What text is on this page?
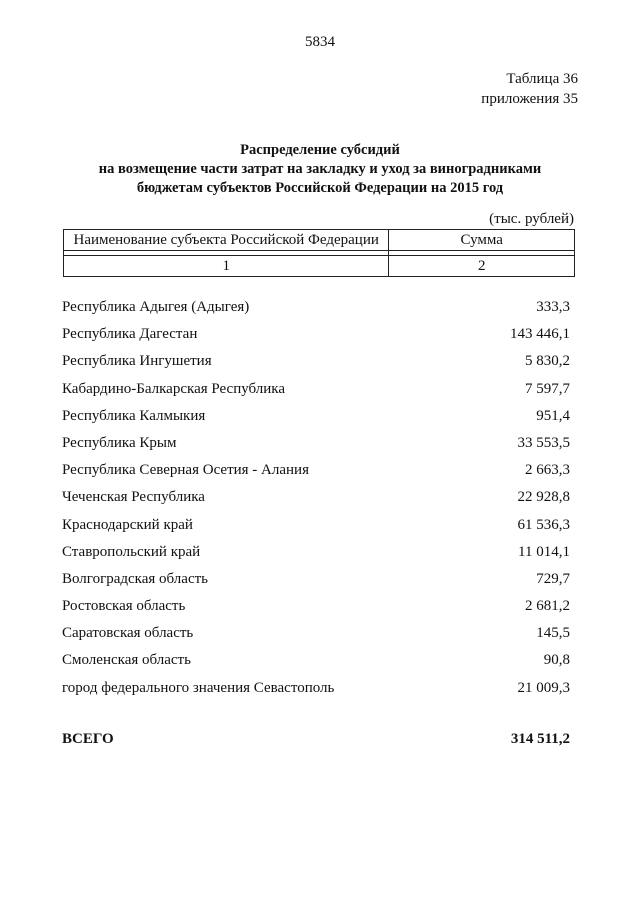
5834
Таблица 36
приложения 35
Распределение субсидий
на возмещение части затрат на закладку и уход за виноградниками
бюджетам субъектов Российской Федерации на 2015 год
(тыс. рублей)
Наименование субъекта Российской Федерации	Сумма

1	2
Республика Адыгея (Адыгея)	333,3
Республика Дагестан	143 446,1
Республика Ингушетия	5 830,2
Кабардино-Балкарская Республика	7 597,7
Республика Калмыкия	951,4
Республика Крым	33 553,5
Республика Северная Осетия - Алания	2 663,3
Чеченская Республика	22 928,8
Краснодарский край	61 536,3
Ставропольский край	11 014,1
Волгоградская область	729,7
Ростовская область	2 681,2
Саратовская область	145,5
Смоленская область	90,8
город федерального значения Севастополь	21 009,3
ВСЕГО	314 511,2
